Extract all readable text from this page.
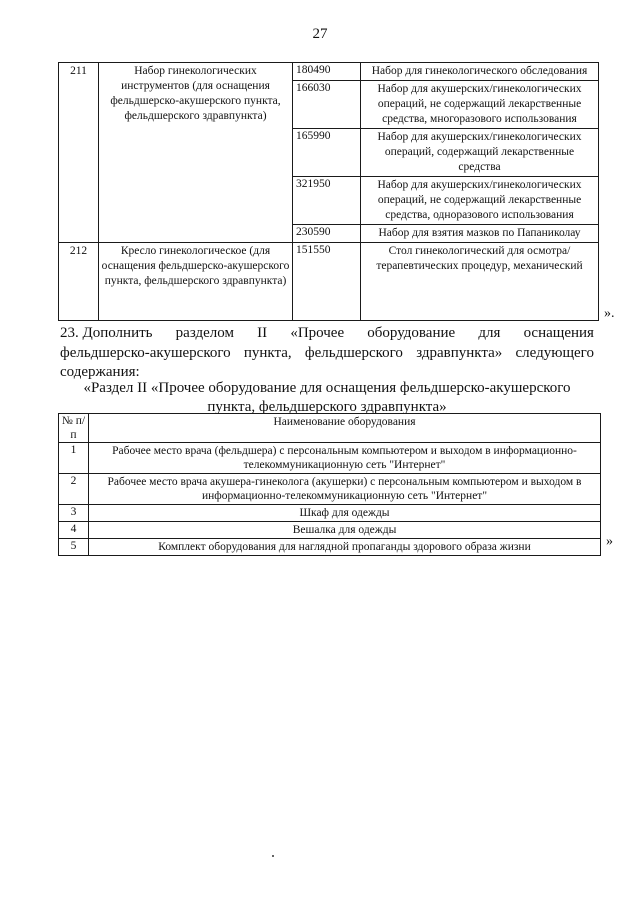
27
211	Набор гинекологических инструментов (для оснащения фельдшерско-акушерского пункта, фельдшерского здравпункта)	180490	Набор для гинекологического обследования
		166030	Набор для акушерских/гинекологических операций, не содержащий лекарственные средства, многоразового использования
		165990	Набор для акушерских/гинекологических операций, содержащий лекарственные средства
		321950	Набор для акушерских/гинекологических операций, не содержащий лекарственные средства, одноразового использования
		230590	Набор для взятия мазков по Папаниколау
212	Кресло гинекологическое (для оснащения фельдшерско-акушерского пункта, фельдшерского здравпункта)	151550	Стол гинекологический для осмотра/терапевтических процедур, механический
».
23. Дополнить разделом II «Прочее оборудование для оснащения
фельдшерско-акушерского пункта, фельдшерского здравпункта» следующего
содержания:
«Раздел II «Прочее оборудование для оснащения фельдшерско-акушерского
пункта, фельдшерского здравпункта»
№ п/п	Наименование оборудования
1	Рабочее место врача (фельдшера) с персональным компьютером и выходом в информационно-телекоммуникационную сеть "Интернет"
2	Рабочее место врача акушера-гинеколога (акушерки) с персональным компьютером и выходом в информационно-телекоммуникационную сеть "Интернет"
3	Шкаф для одежды
4	Вешалка для одежды
5	Комплект оборудования для наглядной пропаганды здорового образа жизни	»
